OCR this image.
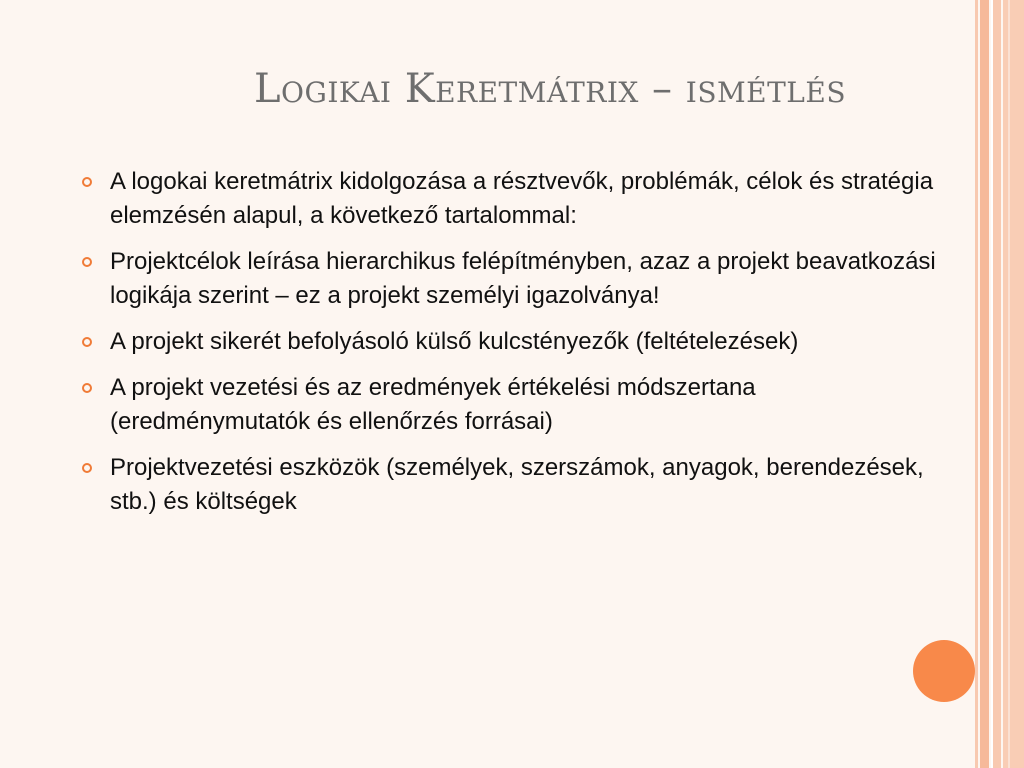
Logikai Keretmátrix – ismétlés
A logokai keretmátrix kidolgozása a résztvevők, problémák, célok és stratégia elemzésén alapul, a következő tartalommal:
Projektcélok leírása hierarchikus felépítményben, azaz a projekt beavatkozási logikája szerint – ez a projekt személyi igazolványa!
A projekt sikerét befolyásoló külső kulcstényezők (feltételezések)
A projekt vezetési és az eredmények értékelési módszertana (eredménymutatók és ellenőrzés forrásai)
Projektvezetési eszközök (személyek, szerszámok, anyagok, berendezések, stb.) és költségek
